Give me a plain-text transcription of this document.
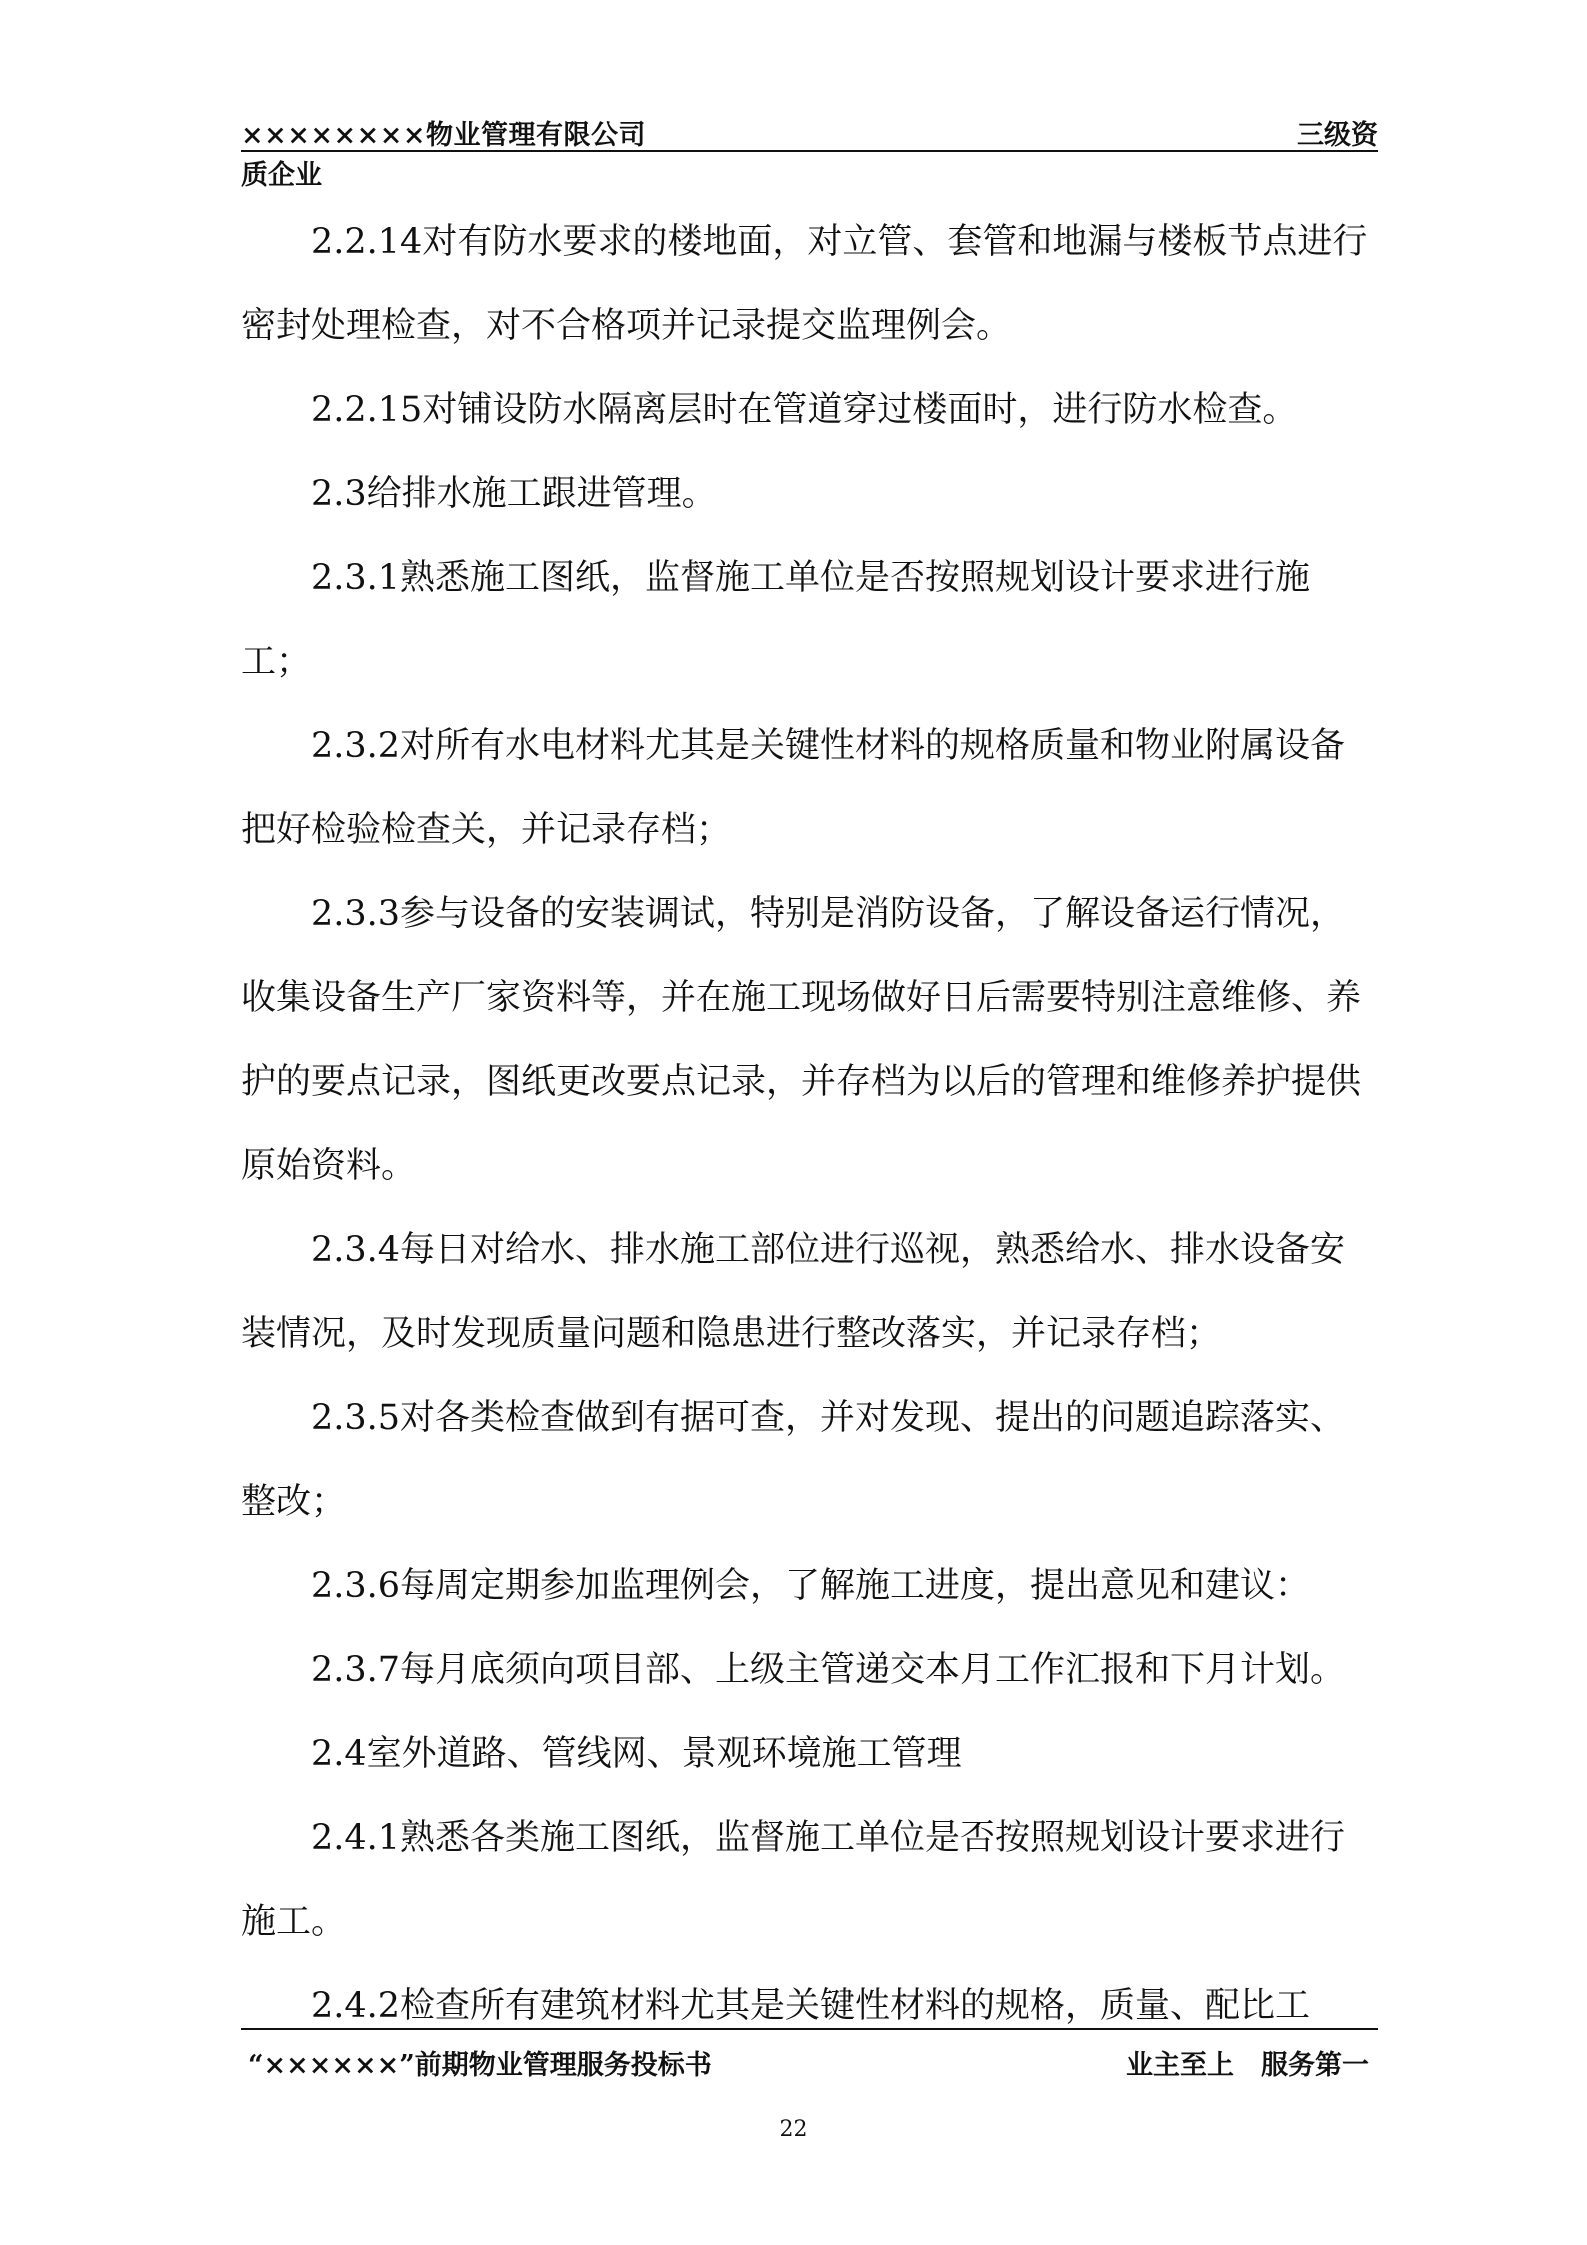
××××××××物业管理有限公司	三级资
质企业

2.2.14对有防水要求的楼地面，对立管、套管和地漏与楼板节点进行密封处理检查，对不合格项并记录提交监理例会。

2.2.15对铺设防水隔离层时在管道穿过楼面时，进行防水检查。

2.3给排水施工跟进管理。

2.3.1熟悉施工图纸，监督施工单位是否按照规划设计要求进行施工；

2.3.2对所有水电材料尤其是关键性材料的规格质量和物业附属设备把好检验检查关，并记录存档；

2.3.3参与设备的安装调试，特别是消防设备，了解设备运行情况，收集设备生产厂家资料等，并在施工现场做好日后需要特别注意维修、养护的要点记录，图纸更改要点记录，并存档为以后的管理和维修养护提供原始资料。

2.3.4每日对给水、排水施工部位进行巡视，熟悉给水、排水设备安装情况，及时发现质量问题和隐患进行整改落实，并记录存档；

2.3.5对各类检查做到有据可查，并对发现、提出的问题追踪落实、整改；

2.3.6每周定期参加监理例会，了解施工进度，提出意见和建议：

2.3.7每月底须向项目部、上级主管递交本月工作汇报和下月计划。

2.4室外道路、管线网、景观环境施工管理

2.4.1熟悉各类施工图纸，监督施工单位是否按照规划设计要求进行施工。

2.4.2检查所有建筑材料尤其是关键性材料的规格，质量、配比工

“××××××”前期物业管理服务投标书	业主至上　服务第一
22
